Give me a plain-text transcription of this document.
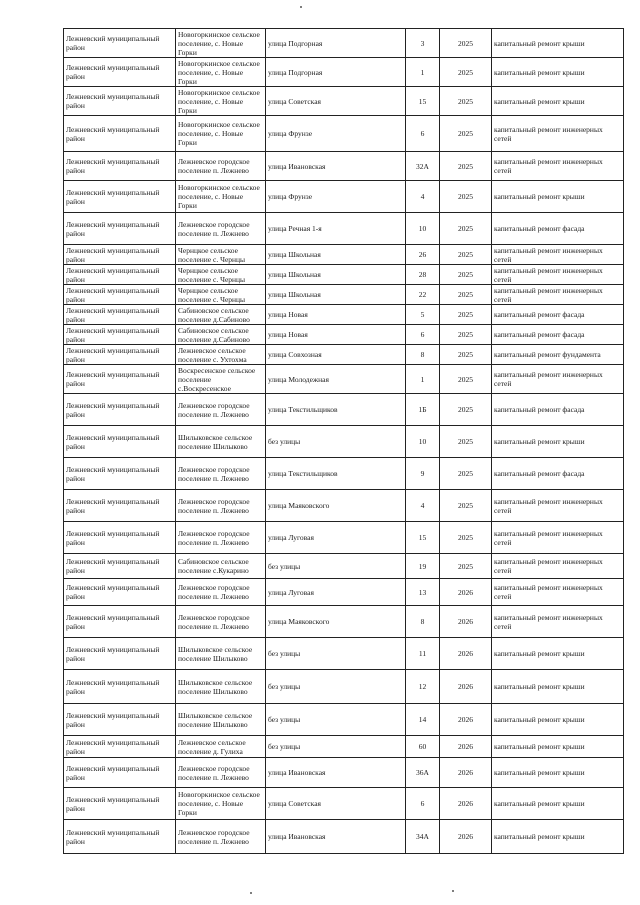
Лежневский муниципальный район	Новогоркинское сельское поселение, с. Новые Горки	улица Подгорная	3	2025	капитальный ремонт крыши
Лежневский муниципальный район	Новогоркинское сельское поселение, с. Новые Горки	улица Подгорная	1	2025	капитальный ремонт крыши
Лежневский муниципальный район	Новогоркинское сельское поселение, с. Новые Горки	улица Советская	15	2025	капитальный ремонт крыши
Лежневский муниципальный район	Новогоркинское сельское поселение, с. Новые Горки	улица Фрунзе	6	2025	капитальный ремонт инженерных сетей
Лежневский муниципальный район	Лежневское городское поселение п. Лежнево	улица Ивановская	32А	2025	капитальный ремонт инженерных сетей
Лежневский муниципальный район	Новогоркинское сельское поселение, с. Новые Горки	улица Фрунзе	4	2025	капитальный ремонт крыши
Лежневский муниципальный район	Лежневское городское поселение п. Лежнево	улица Речная 1-я	10	2025	капитальный ремонт фасада
Лежневский муниципальный район	Чернцкое сельское поселение с. Чернцы	улица Школьная	26	2025	капитальный ремонт инженерных сетей
Лежневский муниципальный район	Чернцкое сельское поселение с. Чернцы	улица Школьная	28	2025	капитальный ремонт инженерных сетей
Лежневский муниципальный район	Чернцкое сельское поселение с. Чернцы	улица Школьная	22	2025	капитальный ремонт инженерных сетей
Лежневский муниципальный район	Сабиновское сельское поселение д.Сабиново	улица Новая	5	2025	капитальный ремонт фасада
Лежневский муниципальный район	Сабиновское сельское поселение д.Сабиново	улица Новая	6	2025	капитальный ремонт фасада
Лежневский муниципальный район	Лежневское сельское поселение с. Ухтохма	улица Совхозная	8	2025	капитальный ремонт фундамента
Лежневский муниципальный район	Воскресенское сельское поселение с.Воскресенское	улица Молодежная	1	2025	капитальный ремонт инженерных сетей
Лежневский муниципальный район	Лежневское городское поселение п. Лежнево	улица Текстильщиков	1Б	2025	капитальный ремонт фасада
Лежневский муниципальный район	Шилыковское сельское поселение Шилыково	без улицы	10	2025	капитальный ремонт крыши
Лежневский муниципальный район	Лежневское городское поселение п. Лежнево	улица Текстильщиков	9	2025	капитальный ремонт фасада
Лежневский муниципальный район	Лежневское городское поселение п. Лежнево	улица Маяковского	4	2025	капитальный ремонт инженерных сетей
Лежневский муниципальный район	Лежневское городское поселение п. Лежнево	улица Луговая	15	2025	капитальный ремонт инженерных сетей
Лежневский муниципальный район	Сабиновское сельское поселение с.Кукарино	без улицы	19	2025	капитальный ремонт инженерных сетей
Лежневский муниципальный район	Лежневское городское поселение п. Лежнево	улица Луговая	13	2026	капитальный ремонт инженерных сетей
Лежневский муниципальный район	Лежневское городское поселение п. Лежнево	улица Маяковского	8	2026	капитальный ремонт инженерных сетей
Лежневский муниципальный район	Шилыковское сельское поселение Шилыково	без улицы	11	2026	капитальный ремонт крыши
Лежневский муниципальный район	Шилыковское сельское поселение Шилыково	без улицы	12	2026	капитальный ремонт крыши
Лежневский муниципальный район	Шилыковское сельское поселение Шилыково	без улицы	14	2026	капитальный ремонт крыши
Лежневский муниципальный район	Лежневское сельское поселение д. Гулиха	без улицы	60	2026	капитальный ремонт крыши
Лежневский муниципальный район	Лежневское городское поселение п. Лежнево	улица Ивановская	36А	2026	капитальный ремонт крыши
Лежневский муниципальный район	Новогоркинское сельское поселение, с. Новые Горки	улица Советская	6	2026	капитальный ремонт крыши
Лежневский муниципальный район	Лежневское городское поселение п. Лежнево	улица Ивановская	34А	2026	капитальный ремонт крыши
